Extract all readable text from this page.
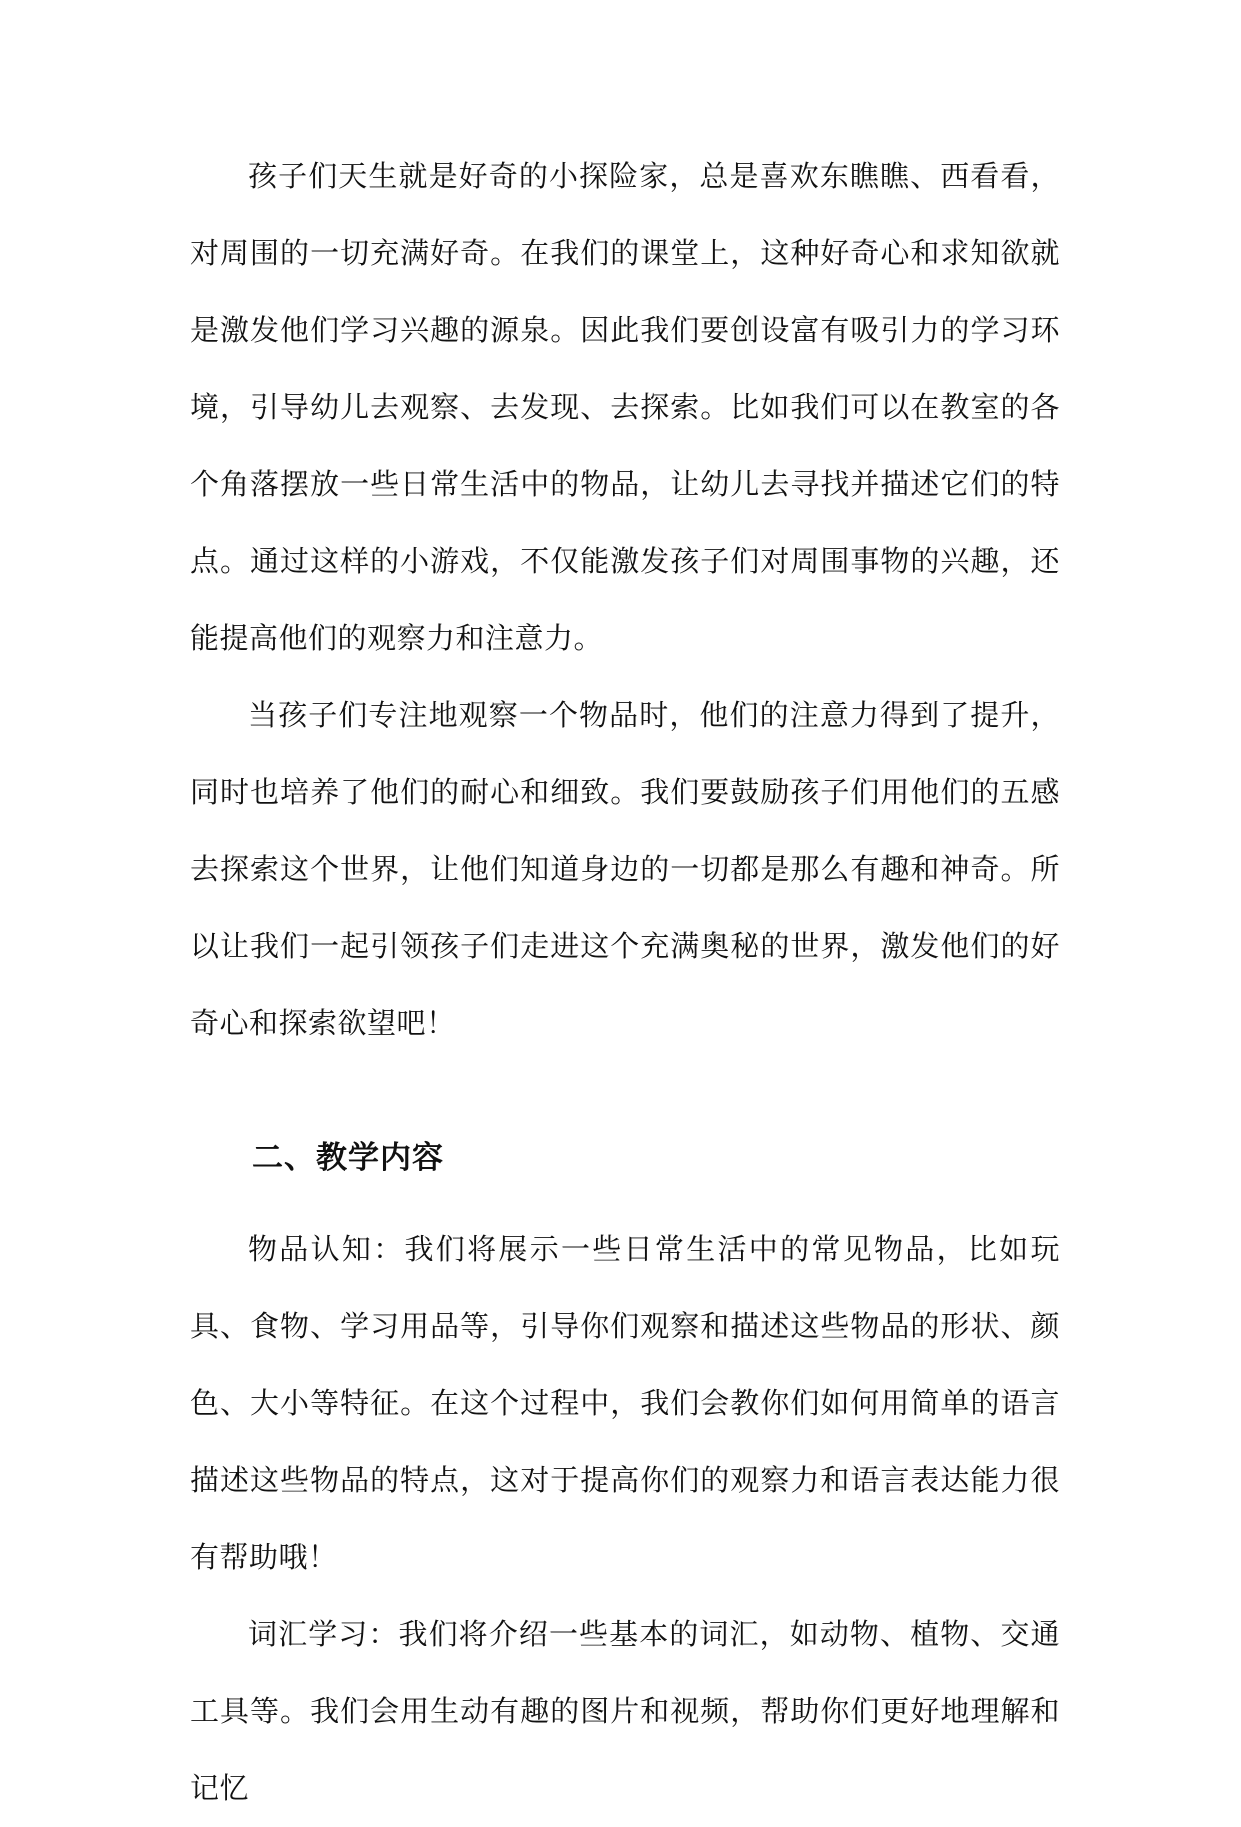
孩子们天生就是好奇的小探险家，总是喜欢东瞧瞧、西看看，对周围的一切充满好奇。在我们的课堂上，这种好奇心和求知欲就是激发他们学习兴趣的源泉。因此我们要创设富有吸引力的学习环境，引导幼儿去观察、去发现、去探索。比如我们可以在教室的各个角落摆放一些日常生活中的物品，让幼儿去寻找并描述它们的特点。通过这样的小游戏，不仅能激发孩子们对周围事物的兴趣，还能提高他们的观察力和注意力。

当孩子们专注地观察一个物品时，他们的注意力得到了提升，同时也培养了他们的耐心和细致。我们要鼓励孩子们用他们的五感去探索这个世界，让他们知道身边的一切都是那么有趣和神奇。所以让我们一起引领孩子们走进这个充满奥秘的世界，激发他们的好奇心和探索欲望吧！

二、教学内容

物品认知：我们将展示一些日常生活中的常见物品，比如玩具、食物、学习用品等，引导你们观察和描述这些物品的形状、颜色、大小等特征。在这个过程中，我们会教你们如何用简单的语言描述这些物品的特点，这对于提高你们的观察力和语言表达能力很有帮助哦！

词汇学习：我们将介绍一些基本的词汇，如动物、植物、交通工具等。我们会用生动有趣的图片和视频，帮助你们更好地理解和记忆
